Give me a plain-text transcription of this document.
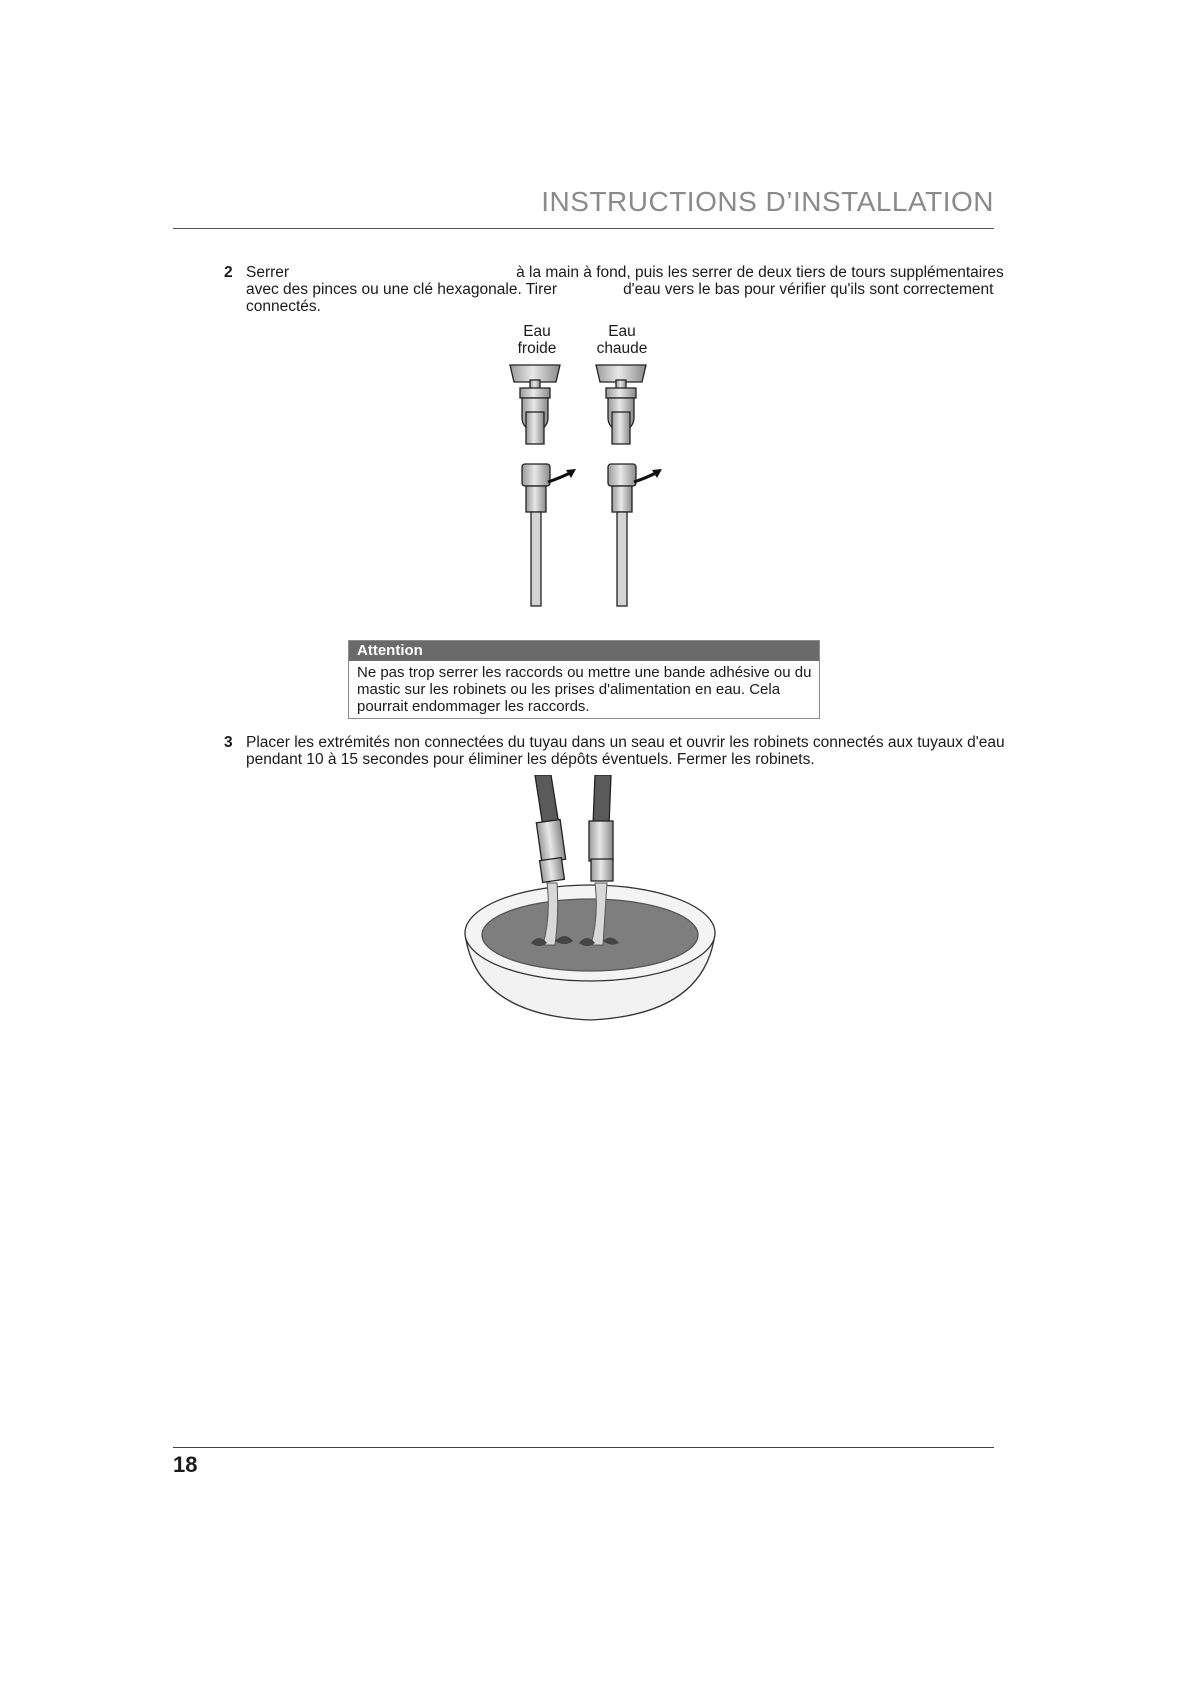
INSTRUCTIONS D’INSTALLATION
2 Serrer	à la main à fond, puis les serrer de deux tiers de tours supplémentaires
avec des pinces ou une clé hexagonale. Tirer	d'eau vers le bas pour vérifier qu'ils sont correctement
connectés.
Eau
froide
Eau
chaude
Attention
Ne pas trop serrer les raccords ou mettre une bande adhésive ou du
mastic sur les robinets ou les prises d'alimentation en eau. Cela
pourrait endommager les raccords.
3 Placer les extrémités non connectées du tuyau dans un seau et ouvrir les robinets connectés aux tuyaux d'eau
pendant 10 à 15 secondes pour éliminer les dépôts éventuels. Fermer les robinets.
18
